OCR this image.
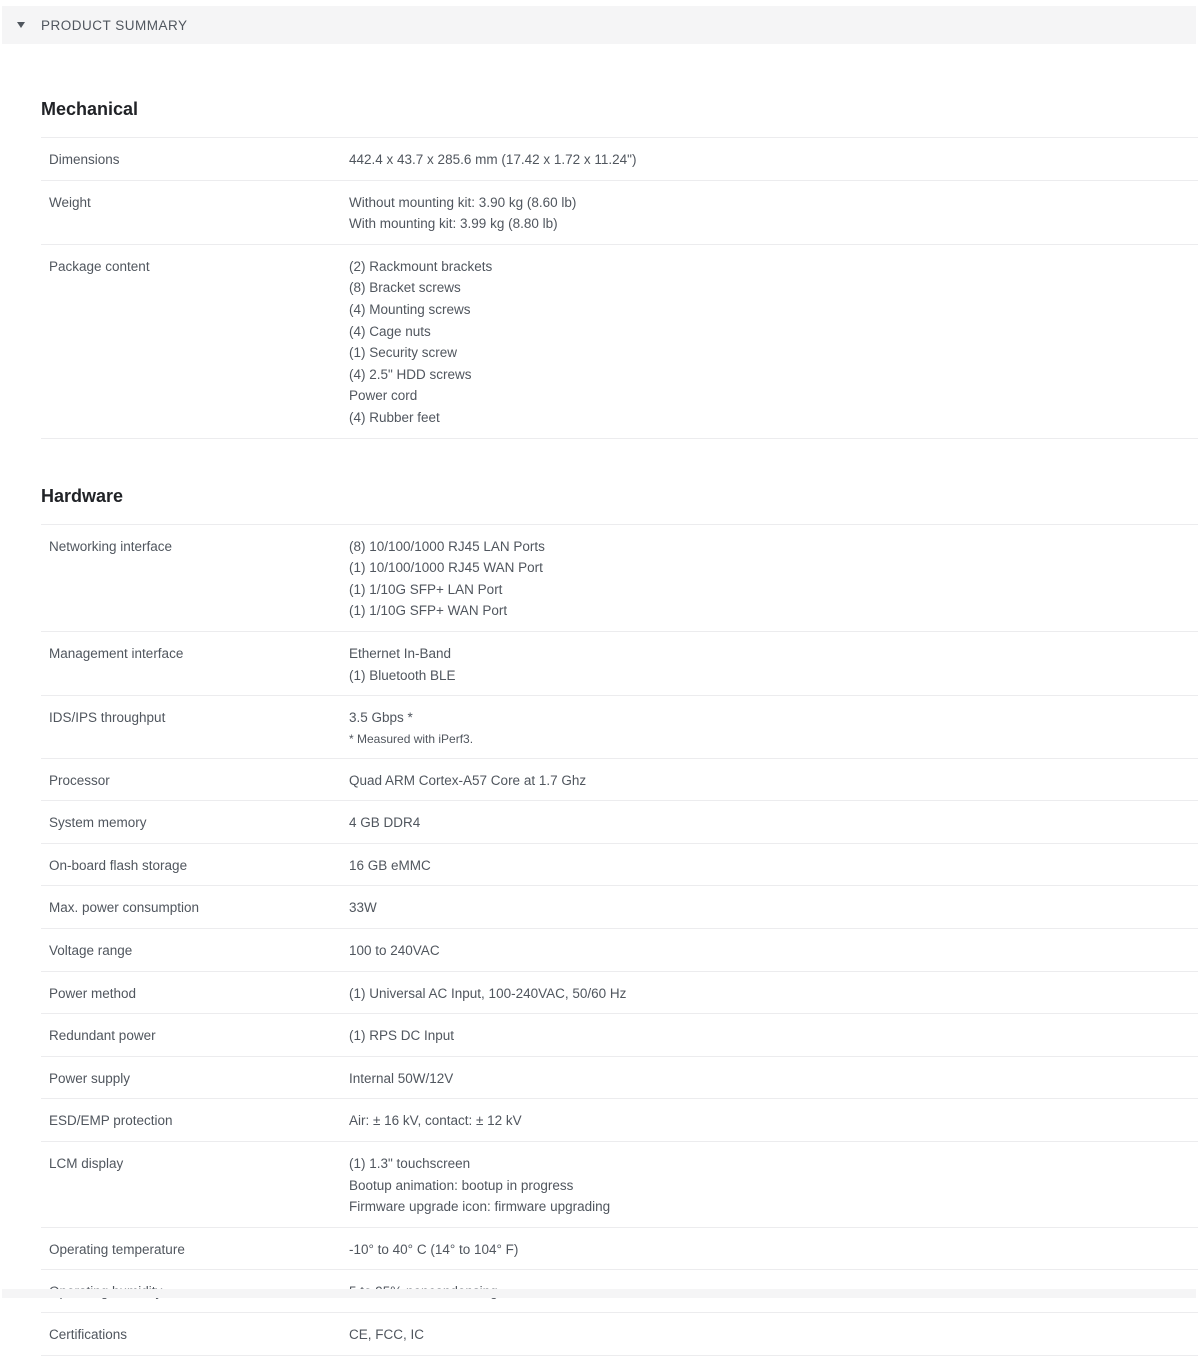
PRODUCT SUMMARY
Mechanical
Dimensions	442.4 x 43.7 x 285.6 mm (17.42 x 1.72 x 11.24")
Weight	Without mounting kit: 3.90 kg (8.60 lb)
With mounting kit: 3.99 kg (8.80 lb)
Package content	(2) Rackmount brackets
(8) Bracket screws
(4) Mounting screws
(4) Cage nuts
(1) Security screw
(4) 2.5" HDD screws
Power cord
(4) Rubber feet
Hardware
Networking interface	(8) 10/100/1000 RJ45 LAN Ports
(1) 10/100/1000 RJ45 WAN Port
(1) 1/10G SFP+ LAN Port
(1) 1/10G SFP+ WAN Port
Management interface	Ethernet In-Band
(1) Bluetooth BLE
IDS/IPS throughput	3.5 Gbps *
* Measured with iPerf3.
Processor	Quad ARM Cortex-A57 Core at 1.7 Ghz
System memory	4 GB DDR4
On-board flash storage	16 GB eMMC
Max. power consumption	33W
Voltage range	100 to 240VAC
Power method	(1) Universal AC Input, 100-240VAC, 50/60 Hz
Redundant power	(1) RPS DC Input
Power supply	Internal 50W/12V
ESD/EMP protection	Air: ± 16 kV, contact: ± 12 kV
LCM display	(1) 1.3" touchscreen
Bootup animation: bootup in progress
Firmware upgrade icon: firmware upgrading
Operating temperature	-10° to 40° C (14° to 104° F)
Certifications	CE, FCC, IC
